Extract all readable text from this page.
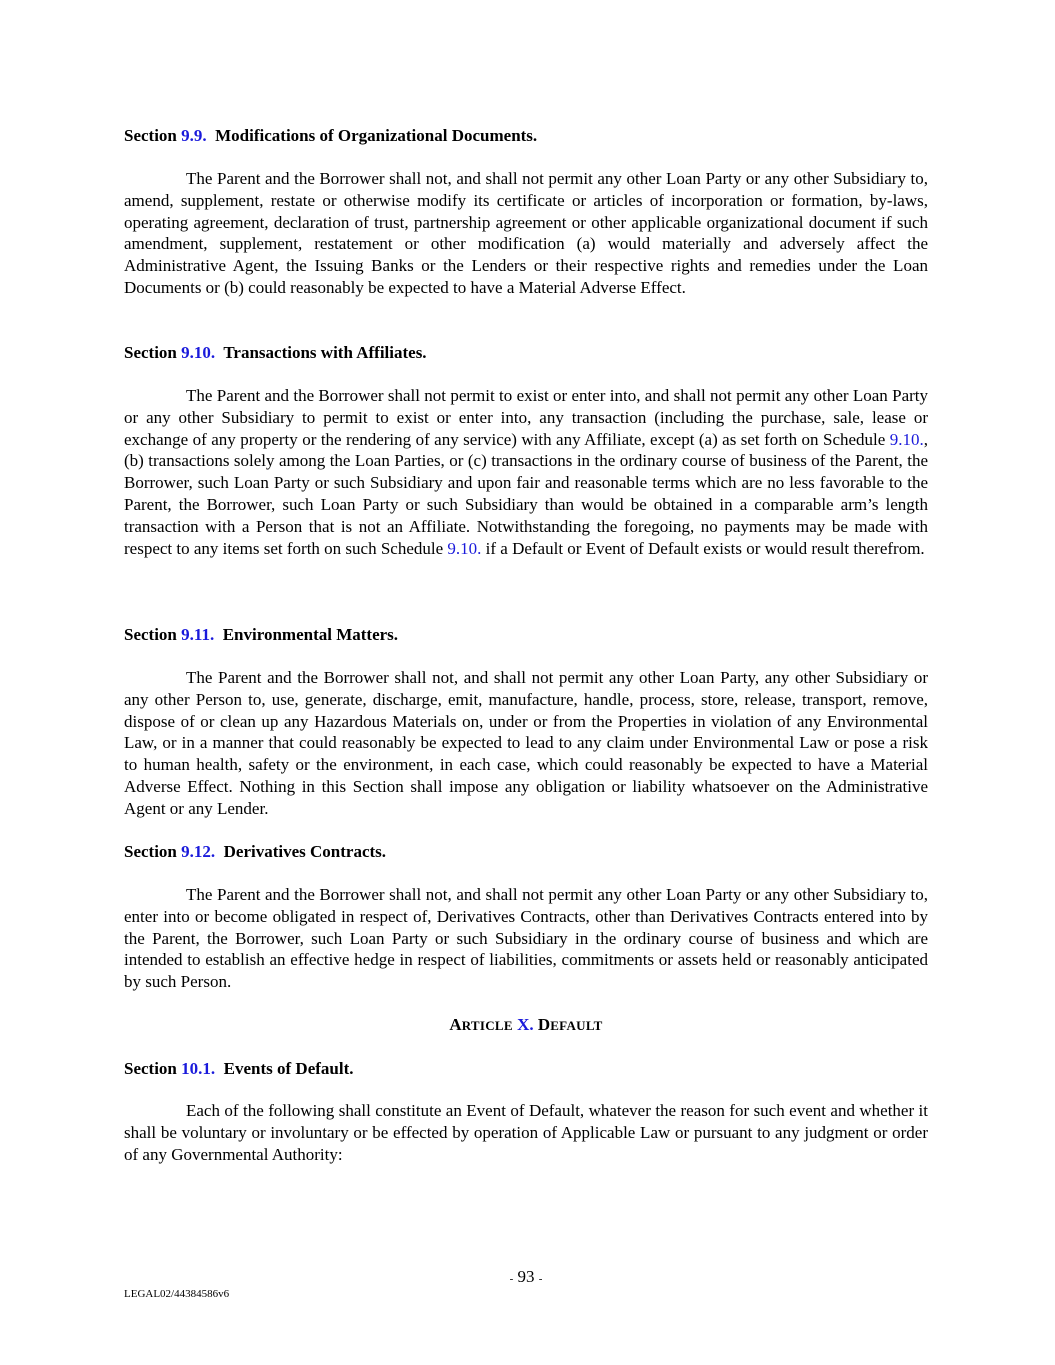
Section 9.9. Modifications of Organizational Documents.

The Parent and the Borrower shall not, and shall not permit any other Loan Party or any other Subsidiary to, amend, supplement, restate or otherwise modify its certificate or articles of incorporation or formation, by-laws, operating agreement, declaration of trust, partnership agreement or other applicable organizational document if such amendment, supplement, restatement or other modification (a) would materially and adversely affect the Administrative Agent, the Issuing Banks or the Lenders or their respective rights and remedies under the Loan Documents or (b) could reasonably be expected to have a Material Adverse Effect.

Section 9.10. Transactions with Affiliates.

The Parent and the Borrower shall not permit to exist or enter into, and shall not permit any other Loan Party or any other Subsidiary to permit to exist or enter into, any transaction (including the purchase, sale, lease or exchange of any property or the rendering of any service) with any Affiliate, except (a) as set forth on Schedule 9.10., (b) transactions solely among the Loan Parties, or (c) transactions in the ordinary course of business of the Parent, the Borrower, such Loan Party or such Subsidiary and upon fair and reasonable terms which are no less favorable to the Parent, the Borrower, such Loan Party or such Subsidiary than would be obtained in a comparable arm’s length transaction with a Person that is not an Affiliate. Notwithstanding the foregoing, no payments may be made with respect to any items set forth on such Schedule 9.10. if a Default or Event of Default exists or would result therefrom.

Section 9.11. Environmental Matters.

The Parent and the Borrower shall not, and shall not permit any other Loan Party, any other Subsidiary or any other Person to, use, generate, discharge, emit, manufacture, handle, process, store, release, transport, remove, dispose of or clean up any Hazardous Materials on, under or from the Properties in violation of any Environmental Law, or in a manner that could reasonably be expected to lead to any claim under Environmental Law or pose a risk to human health, safety or the environment, in each case, which could reasonably be expected to have a Material Adverse Effect. Nothing in this Section shall impose any obligation or liability whatsoever on the Administrative Agent or any Lender.

Section 9.12. Derivatives Contracts.

The Parent and the Borrower shall not, and shall not permit any other Loan Party or any other Subsidiary to, enter into or become obligated in respect of, Derivatives Contracts, other than Derivatives Contracts entered into by the Parent, the Borrower, such Loan Party or such Subsidiary in the ordinary course of business and which are intended to establish an effective hedge in respect of liabilities, commitments or assets held or reasonably anticipated by such Person.

ARTICLE X. DEFAULT
Section 10.1. Events of Default.

Each of the following shall constitute an Event of Default, whatever the reason for such event and whether it shall be voluntary or involuntary or be effected by operation of Applicable Law or pursuant to any judgment or order of any Governmental Authority:

- 93 -
LEGAL02/44384586v6
